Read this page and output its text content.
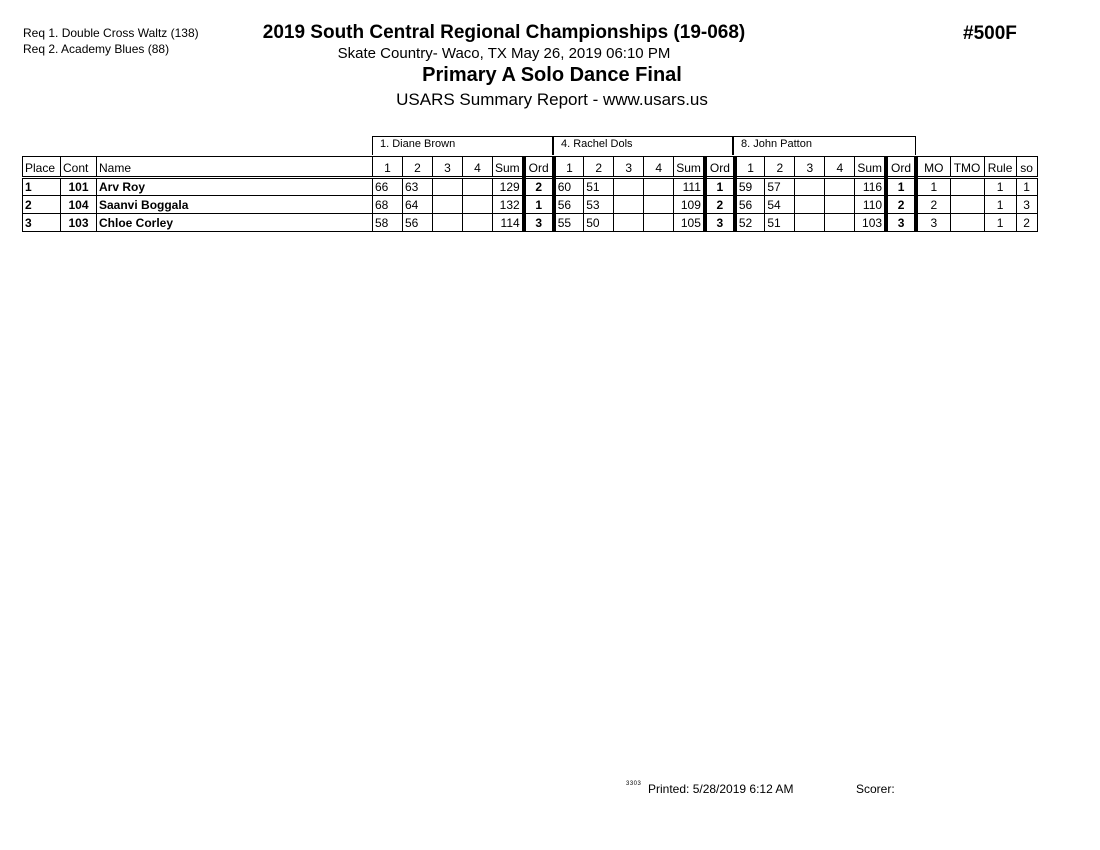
Req 1. Double Cross Waltz (138)
Req 2. Academy Blues (88)
2019 South Central Regional Championships (19-068)
Skate Country- Waco, TX May 26, 2019 06:10 PM
Primary A Solo Dance Final
USARS Summary Report - www.usars.us
#500F
1. Diane Brown	4. Rachel Dols	8. John Patton
Place	Cont	Name	1	2	3	4	Sum	Ord	1	2	3	4	Sum	Ord	1	2	3	4	Sum	Ord	MO	TMO	Rule	so
1	101	Arv Roy	66	63			129	2	60	51			111	1	59	57			116	1	1		1	1
2	104	Saanvi Boggala	68	64			132	1	56	53			109	2	56	54			110	2	2		1	3
3	103	Chloe Corley	58	56			114	3	55	50			105	3	52	51			103	3	3		1	2
3303 Printed: 5/28/2019 6:12 AM	Scorer:
